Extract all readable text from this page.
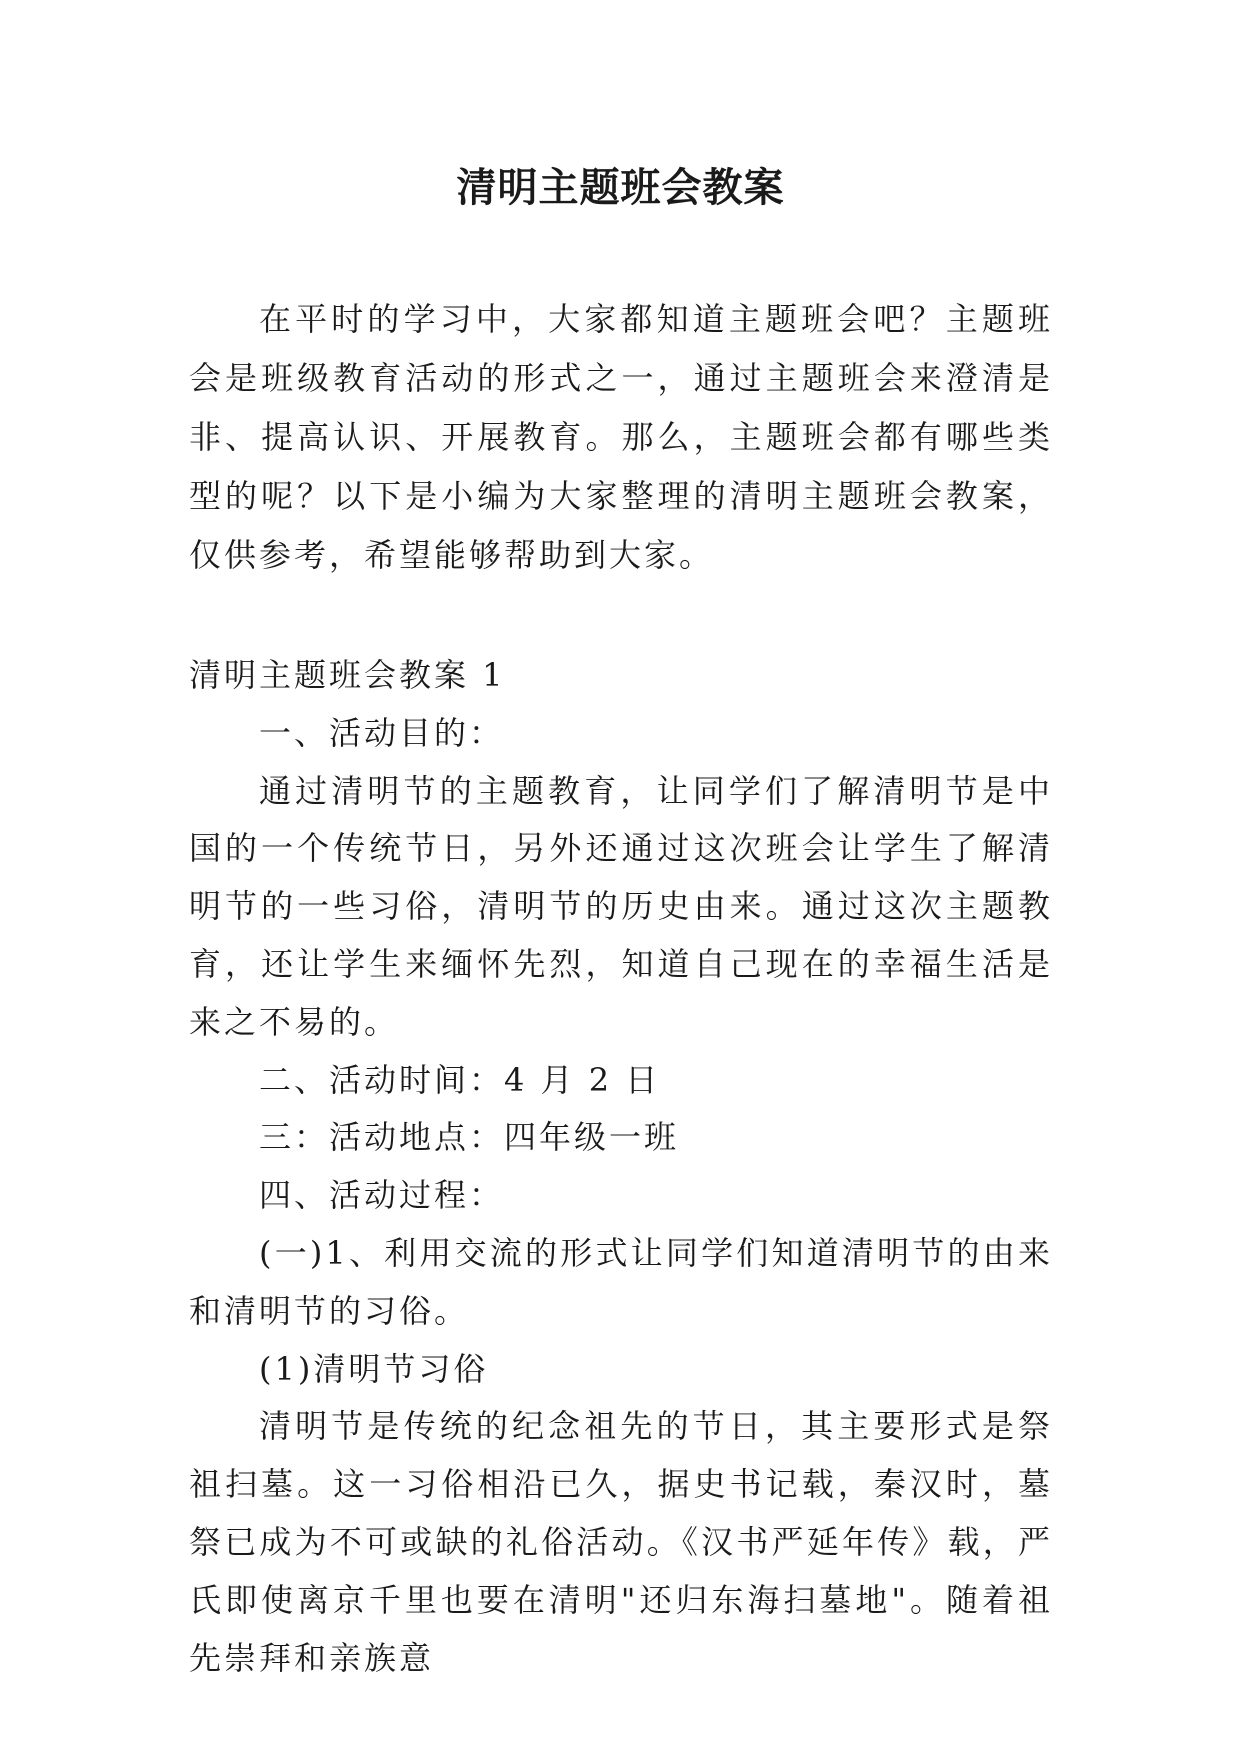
清明主题班会教案

在平时的学习中，大家都知道主题班会吧？主题班会是班级教育活动的形式之一，通过主题班会来澄清是非、提高认识、开展教育。那么，主题班会都有哪些类型的呢？以下是小编为大家整理的清明主题班会教案，仅供参考，希望能够帮助到大家。

清明主题班会教案 1

一、活动目的：

通过清明节的主题教育，让同学们了解清明节是中国的一个传统节日，另外还通过这次班会让学生了解清明节的一些习俗，清明节的历史由来。通过这次主题教育，还让学生来缅怀先烈，知道自己现在的幸福生活是来之不易的。

二、活动时间：4 月 2 日

三：活动地点：四年级一班

四、活动过程：

(一)1、利用交流的形式让同学们知道清明节的由来和清明节的习俗。

(1)清明节习俗

清明节是传统的纪念祖先的节日，其主要形式是祭祖扫墓。这一习俗相沿已久，据史书记载，秦汉时，墓祭已成为不可或缺的礼俗活动。《汉书严延年传》载，严氏即使离京千里也要在清明"还归东海扫墓地"。随着祖先崇拜和亲族意
